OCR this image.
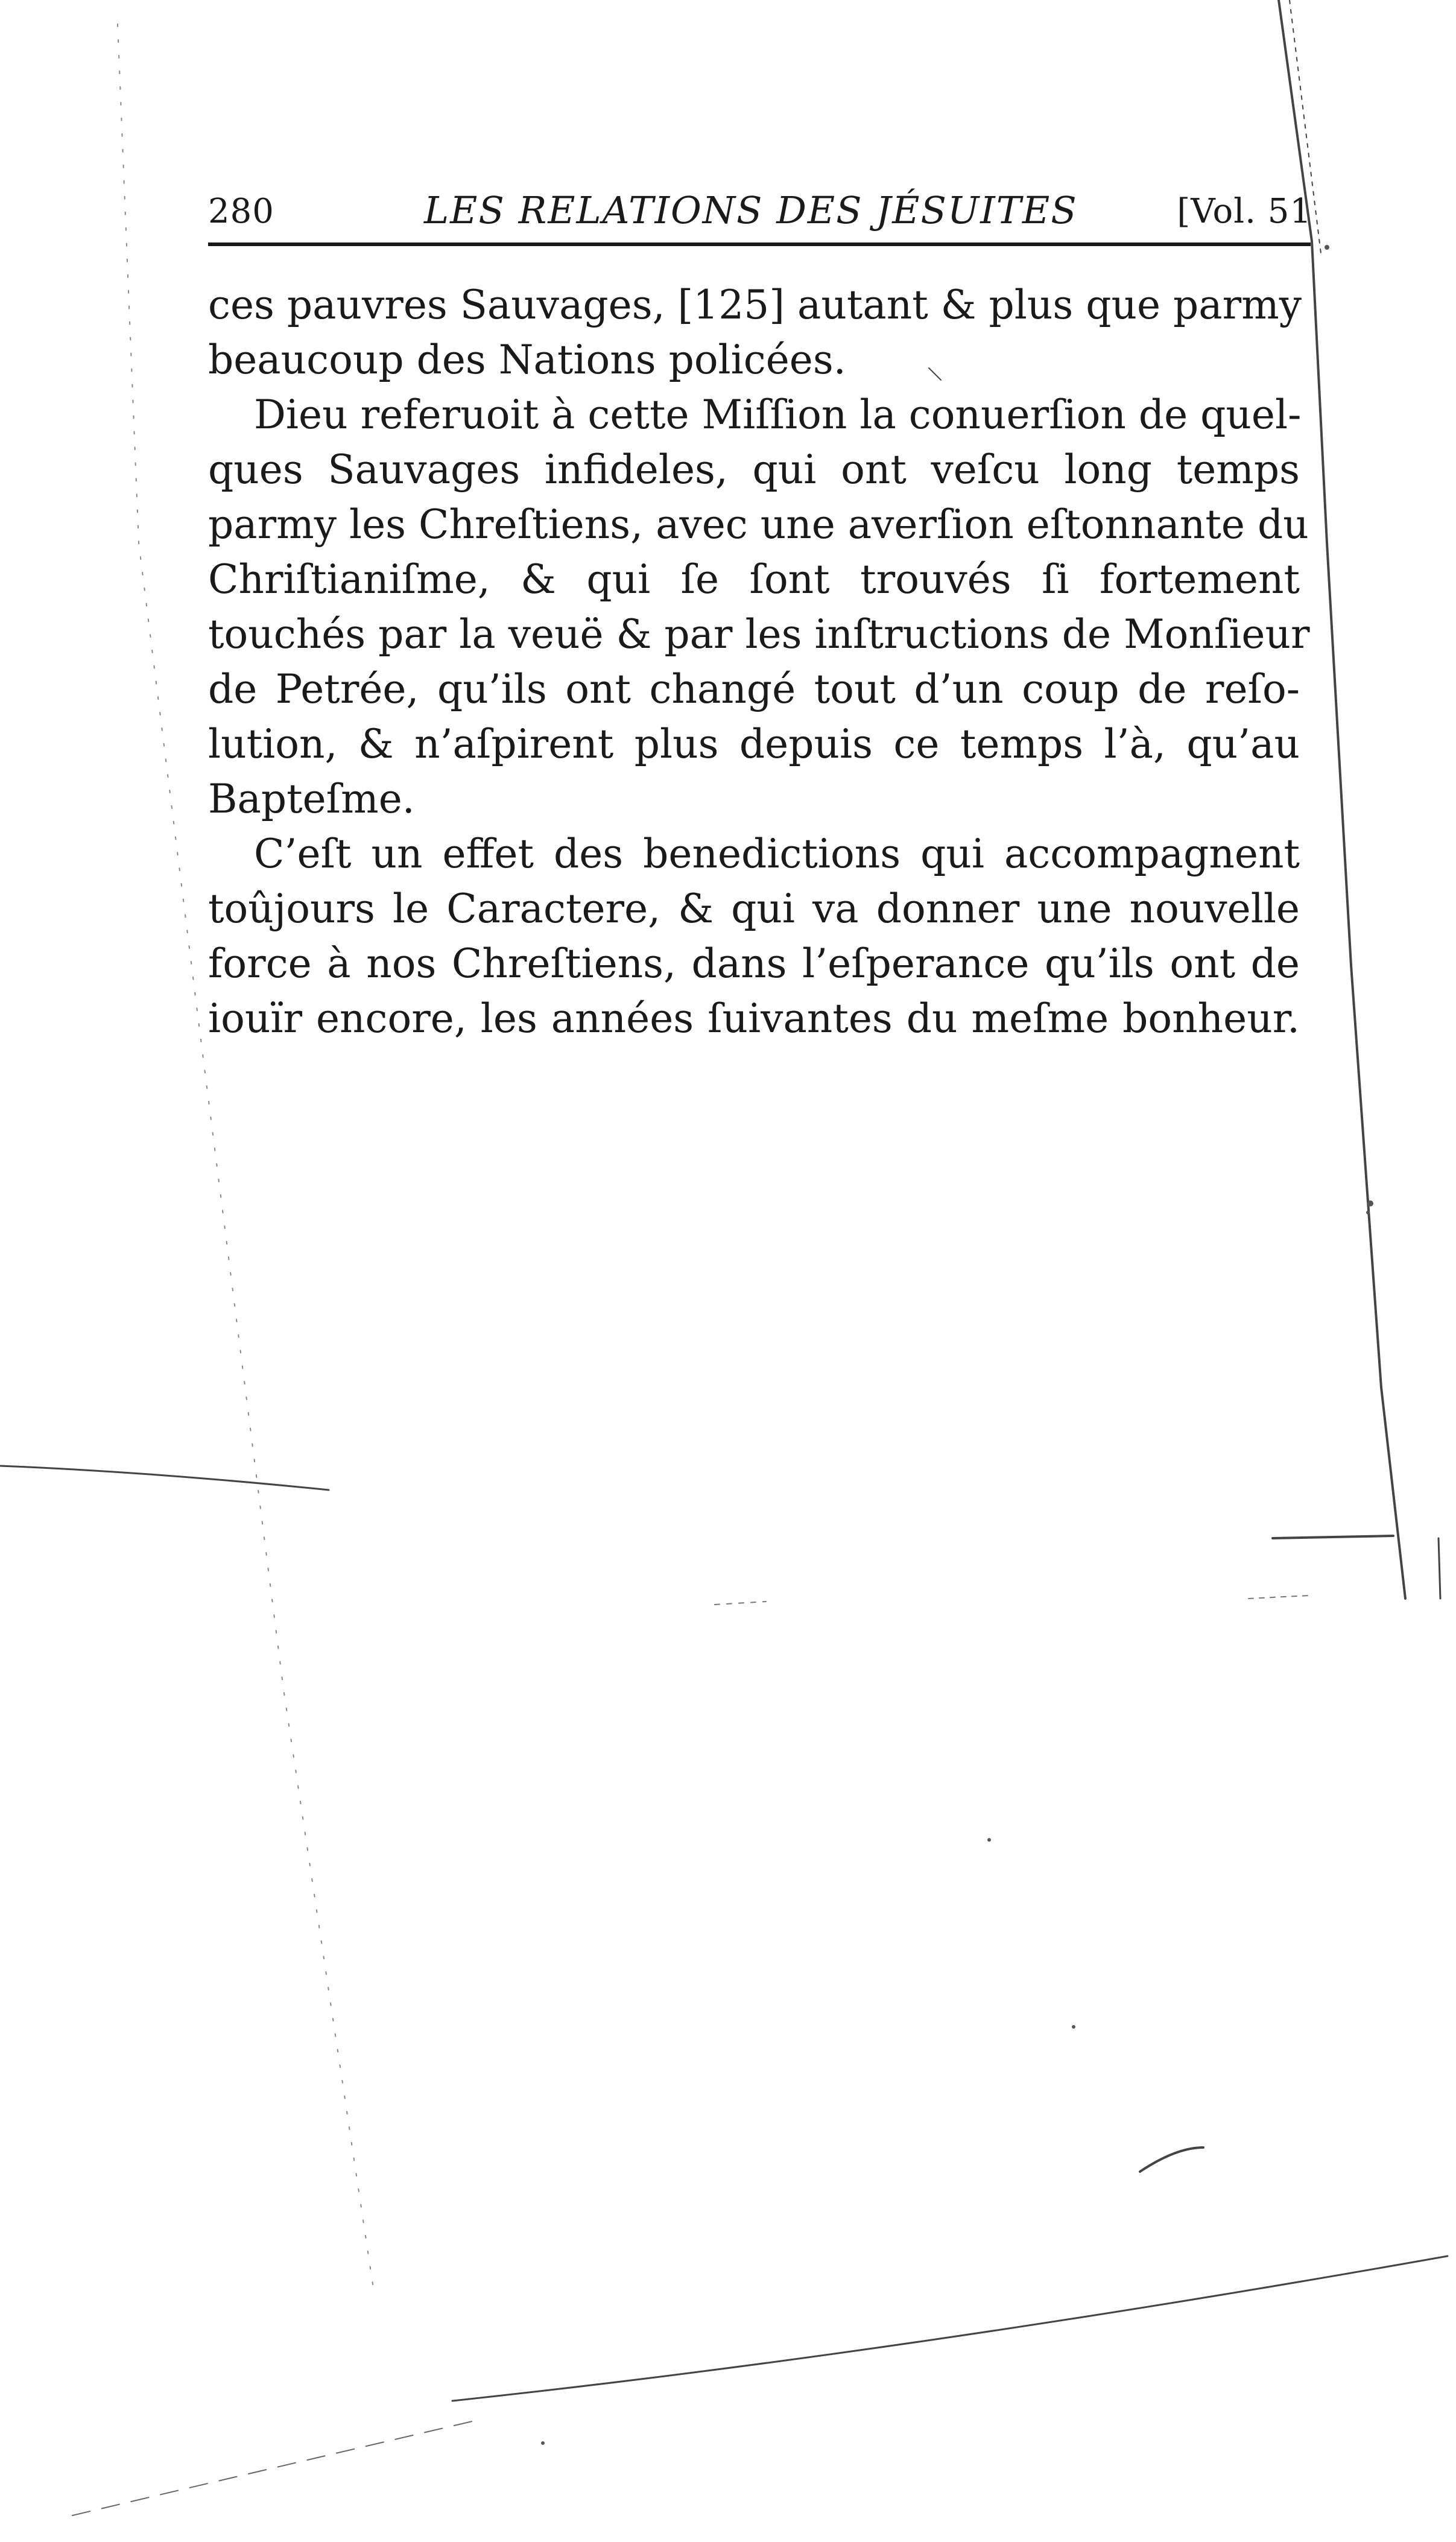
280	LES RELATIONS DES JÉSUITES	[Vol. 51
ces pauvres Sauvages, [125] autant & plus que parmy
beaucoup des Nations policées.
Dieu referuoit à cette Miſſion la conuerſion de quel-
ques Sauvages infideles, qui ont veſcu long temps
parmy les Chreſtiens, avec une averſion eſtonnante du
Chriſtianiſme, & qui ſe ſont trouvés ſi fortement
touchés par la veuë & par les inſtructions de Monſieur
de Petrée, qu’ils ont changé tout d’un coup de reſo-
lution, & n’aſpirent plus depuis ce temps l’à, qu’au
Bapteſme.
C’eſt un effet des benedictions qui accompagnent
toûjours le Caractere, & qui va donner une nouvelle
force à nos Chreſtiens, dans l’eſperance qu’ils ont de
iouïr encore, les années ſuivantes du meſme bonheur.
